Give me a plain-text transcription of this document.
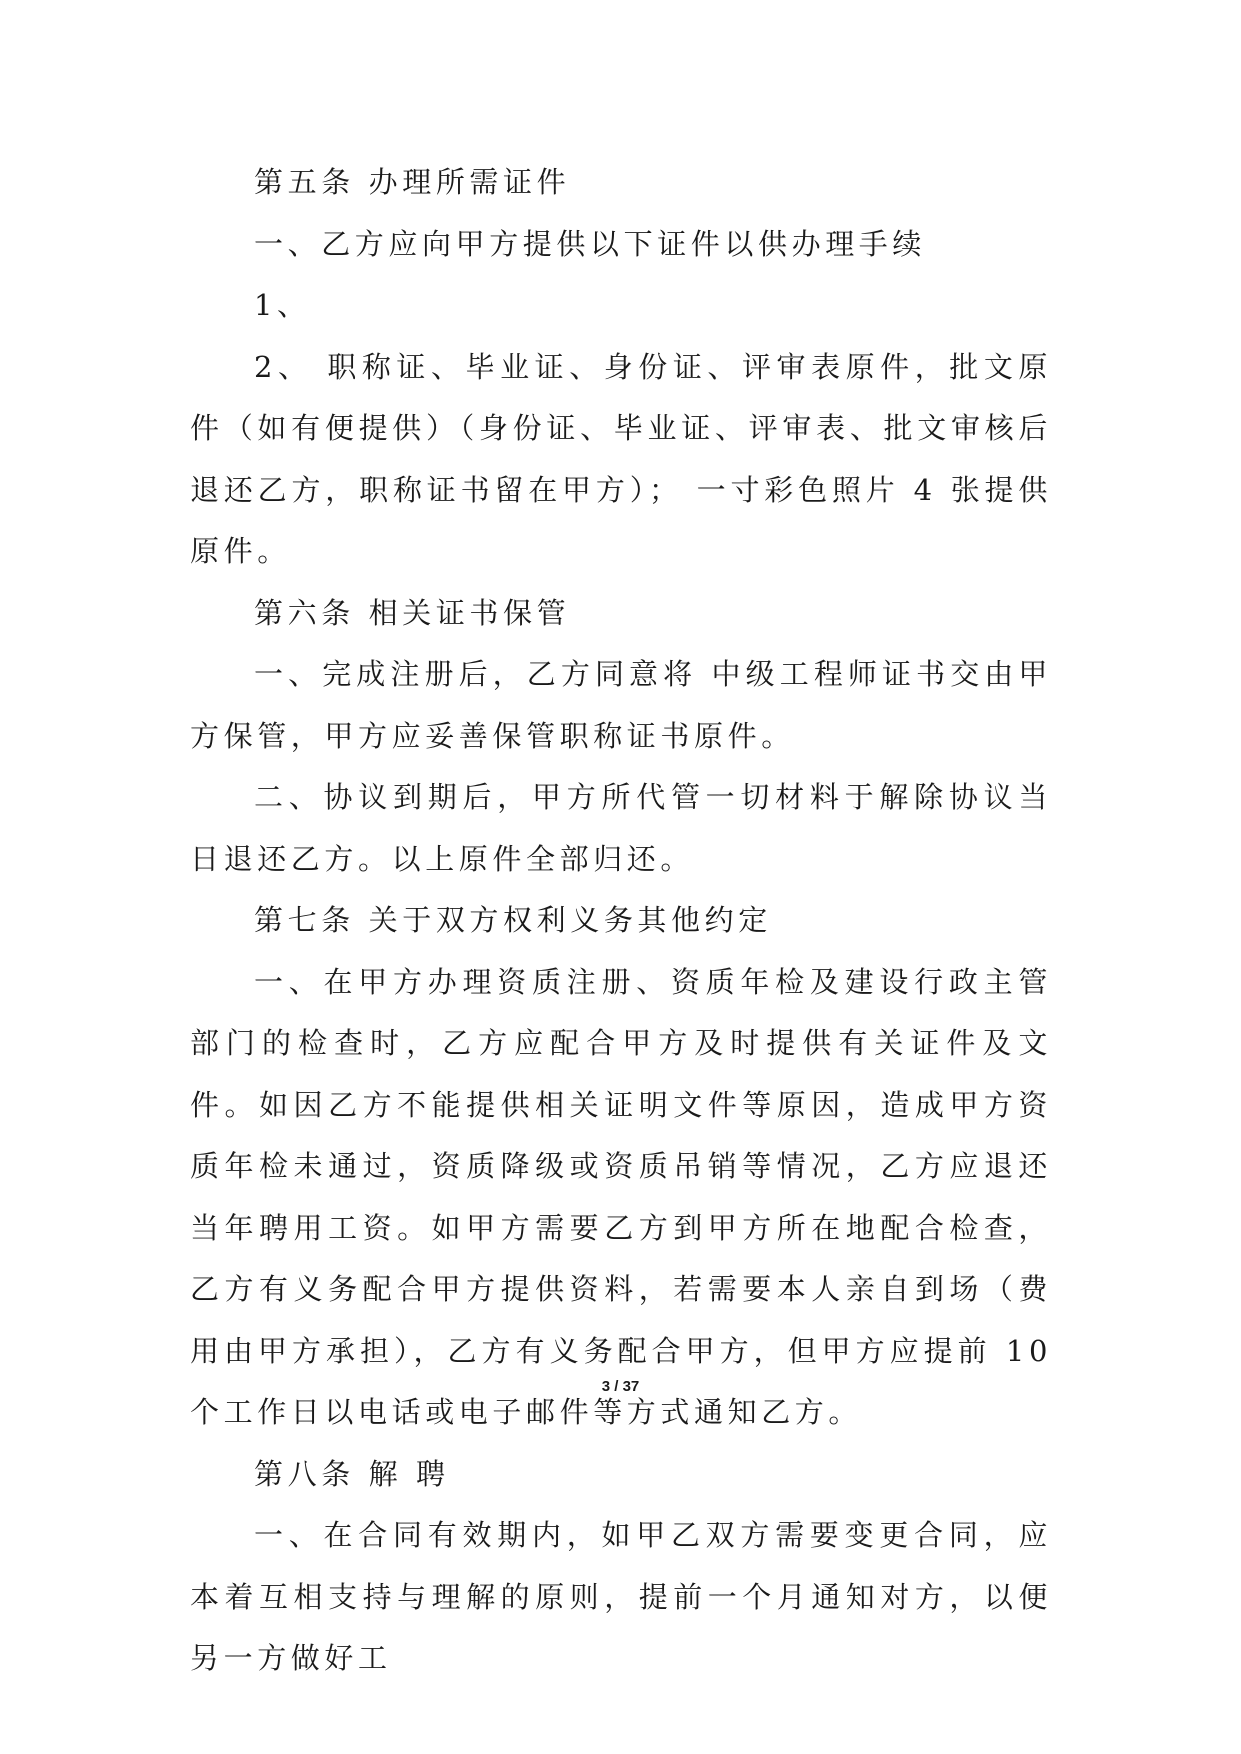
第五条 办理所需证件

一、乙方应向甲方提供以下证件以供办理手续

1、

2、 职称证、毕业证、身份证、评审表原件，批文原件（如有便提供）（身份证、毕业证、评审表、批文审核后退还乙方，职称证书留在甲方）； 一寸彩色照片 4 张提供原件。

第六条 相关证书保管

一、完成注册后，乙方同意将 中级工程师证书交由甲方保管，甲方应妥善保管职称证书原件。

二、协议到期后，甲方所代管一切材料于解除协议当日退还乙方。以上原件全部归还。

第七条 关于双方权利义务其他约定

一、在甲方办理资质注册、资质年检及建设行政主管部门的检查时，乙方应配合甲方及时提供有关证件及文件。如因乙方不能提供相关证明文件等原因，造成甲方资质年检未通过，资质降级或资质吊销等情况，乙方应退还当年聘用工资。如甲方需要乙方到甲方所在地配合检查，乙方有义务配合甲方提供资料，若需要本人亲自到场（费用由甲方承担），乙方有义务配合甲方，但甲方应提前 10 个工作日以电话或电子邮件等方式通知乙方。

第八条 解 聘

一、在合同有效期内，如甲乙双方需要变更合同，应本着互相支持与理解的原则，提前一个月通知对方，以便另一方做好工

3 / 37
